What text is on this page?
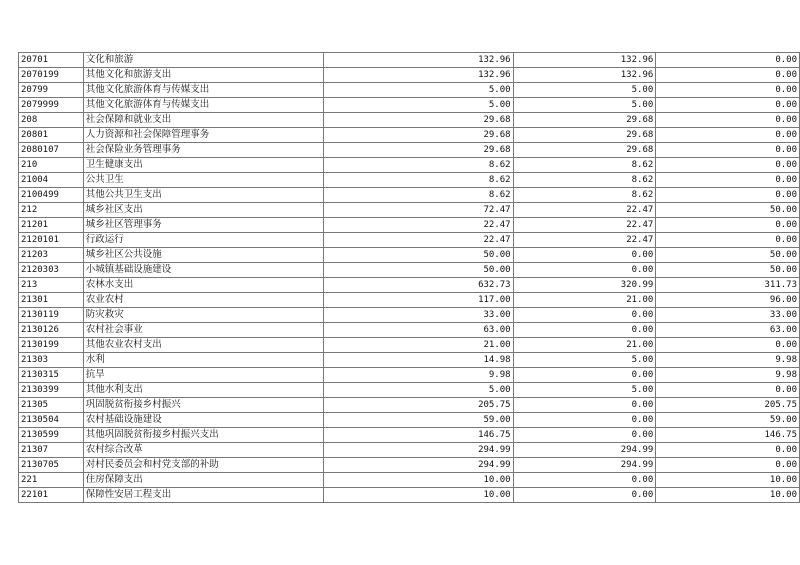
20701	文化和旅游	132.96	132.96	0.00
2070199	其他文化和旅游支出	132.96	132.96	0.00
20799	其他文化旅游体育与传媒支出	5.00	5.00	0.00
2079999	其他文化旅游体育与传媒支出	5.00	5.00	0.00
208	社会保障和就业支出	29.68	29.68	0.00
20801	人力资源和社会保障管理事务	29.68	29.68	0.00
2080107	社会保险业务管理事务	29.68	29.68	0.00
210	卫生健康支出	8.62	8.62	0.00
21004	公共卫生	8.62	8.62	0.00
2100499	其他公共卫生支出	8.62	8.62	0.00
212	城乡社区支出	72.47	22.47	50.00
21201	城乡社区管理事务	22.47	22.47	0.00
2120101	行政运行	22.47	22.47	0.00
21203	城乡社区公共设施	50.00	0.00	50.00
2120303	小城镇基础设施建设	50.00	0.00	50.00
213	农林水支出	632.73	320.99	311.73
21301	农业农村	117.00	21.00	96.00
2130119	防灾救灾	33.00	0.00	33.00
2130126	农村社会事业	63.00	0.00	63.00
2130199	其他农业农村支出	21.00	21.00	0.00
21303	水利	14.98	5.00	9.98
2130315	抗旱	9.98	0.00	9.98
2130399	其他水利支出	5.00	5.00	0.00
21305	巩固脱贫衔接乡村振兴	205.75	0.00	205.75
2130504	农村基础设施建设	59.00	0.00	59.00
2130599	其他巩固脱贫衔接乡村振兴支出	146.75	0.00	146.75
21307	农村综合改革	294.99	294.99	0.00
2130705	对村民委员会和村党支部的补助	294.99	294.99	0.00
221	住房保障支出	10.00	0.00	10.00
22101	保障性安居工程支出	10.00	0.00	10.00
